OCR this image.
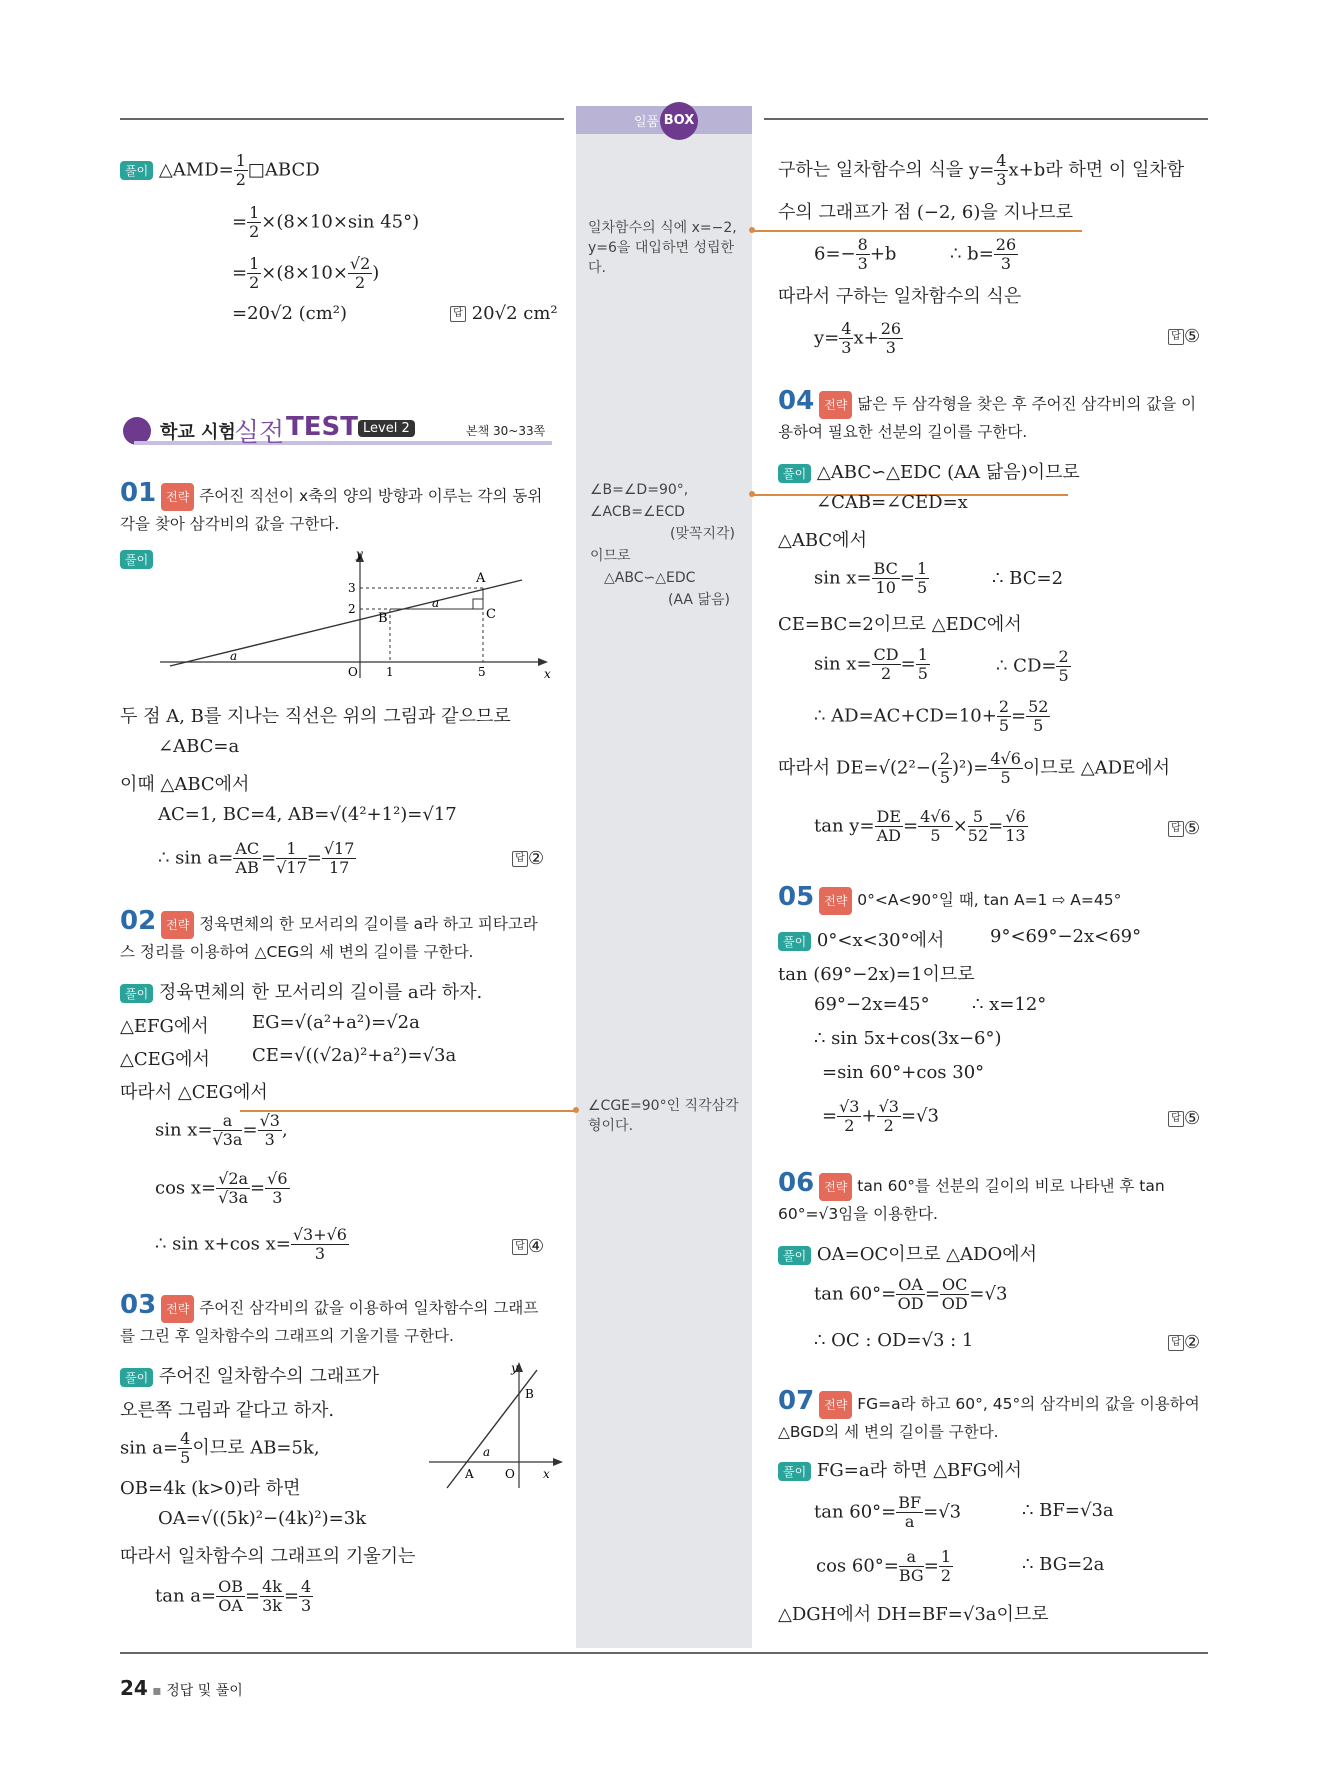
일품 BOX
풀이 △AMD= $\frac{1}{2}$ □ABCD
= $\frac{1}{2} \times(8\times 10\times\sin$ 45°)
= $\frac{1}{2} \times(8\times 10\times \frac{√2}{2}$ )
=20√2 (cm²)	답 20√2 cm²
학교 시험
실전 TEST Level 2	본책 30~33쪽
01 전략 주어진 직선이 x축의 양의 방향과 이루는 각의 동위각을 찾아 삼각비의 값을 구한다.
풀이	y
x
O 1	5
3
2
A
B	C
a
a
두 점 A, B를 지나는 직선은 위의 그림과 같으므로
∠ABC=a
이때 △ABC에서
AC=1, BC=4, AB=√(4²+1²)=√17
∴ $\sin a= \frac{AC}{AB} = \frac{1}{√17} = \frac{√17}{17}$	답 ②
02 전략 정육면체의 한 모서리의 길이를 a라 하고 피타고라스 정리를 이용하여 △CEG의 세 변의 길이를 구한다.
풀이 정육면체의 한 모서리의 길이를 a라 하자.
△EFG에서 EG=√(a²+a²)=√2a
△CEG에서 CE=√((√2a)²+a²)=√3a
따라서 △CEG에서
$\sin x= \frac{a}{√3a} = \frac{√3}{3}$ ,
$\cos x= \frac{√2a}{√3a} = \frac{√6}{3}$
∴ sin x+cos $x= \frac{√3+√6}{3}$	답 ④
03 전략 주어진 삼각비의 값을 이용하여 일차함수의 그래프를 그린 후 일차함수의 그래프의 기울기를 구한다.
풀이 주어진 일차함수의 그래프가
오른쪽 그림과 같다고 하자.
$\sin a= \frac{4}{5}$ 이므로 AB=5k,
OB=4k (k>0)라 하면
OA=√((5k)²−(4k)²)=3k
따라서 일차함수의 그래프의 기울기는
$\tan a= \frac{OB}{OA} = \frac{4k}{3k} = \frac{4}{3}$
y
x
O
A
B
a
일차함수의 식에 x=−2, y=6을 대입하면 성립한다.
∠B=∠D=90°,
∠ACB=∠ECD
(맞꼭지각)
이므로
△ABC∽△EDC
(AA 닮음)
∠CGE=90°인 직각삼각형이다.
구하는 일차함수의 식을 $y= \frac{4}{3} x+b$라 하면 이 일차함
수의 그래프가 점 (−2, 6)을 지나므로
$6=- \frac{8}{3} +b$	∴ $b= \frac{26}{3}$
따라서 구하는 일차함수의 식은
$y= \frac{4}{3} x+ \frac{26}{3}$	답 ⑤
04 전략 닮은 두 삼각형을 찾은 후 주어진 삼각비의 값을 이용하여 필요한 선분의 길이를 구한다.
풀이 △ABC∽△EDC (AA 닮음)이므로
∠CAB=∠CED=x
△ABC에서
$\sin x= \frac{BC}{10} = \frac{1}{5}$	∴ BC=2
CE=BC=2이므로 △EDC에서
$\sin x= \frac{CD}{2} = \frac{1}{5}$	∴ $CD= \frac{2}{5}$
∴ $AD=AC+CD=10+ \frac{2}{5} = \frac{52}{5}$
따라서 $DE=√(2^2-( \frac{2}{5} )^2)= \frac{4√6}{5}$ 이므로 △ADE에서
$\tan y= \frac{DE}{AD} = \frac{4√6}{5} \times \frac{5}{52} = \frac{√6}{13}$	답 ⑤
05 전략 0°<A<90°일 때, tan A=1 ⇨ A=45°
풀이 0°<x<30°에서	9°<69°−2x<69°
tan (69°−2x)=1이므로
69°−2x=45° ∴ x=12°
∴ sin 5x+cos(3x−6°)
=sin 60°+cos 30°
= $\frac{√3}{2} + \frac{√3}{2} =√3$	답 ⑤
06 전략 tan 60°를 선분의 길이의 비로 나타낸 후 tan 60°=√3임을 이용한다.
풀이 OA=OC이므로 △ADO에서
$\tan 60^\circ= \frac{OA}{OD} = \frac{OC}{OD} =√3$
∴ OC : OD=√3 : 1	답 ②
07 전략 FG=a라 하고 60°, 45°의 삼각비의 값을 이용하여 △BGD의 세 변의 길이를 구한다.
풀이 FG=a라 하면 △BFG에서
$\tan 60^\circ= \frac{BF}{a} =√3$	∴ BF=√3a
$\cos 60^\circ= \frac{a}{BG} = \frac{1}{2}$	∴ BG=2a
△DGH에서 DH=BF=√3a이므로
24 ▪ 정답 및 풀이
